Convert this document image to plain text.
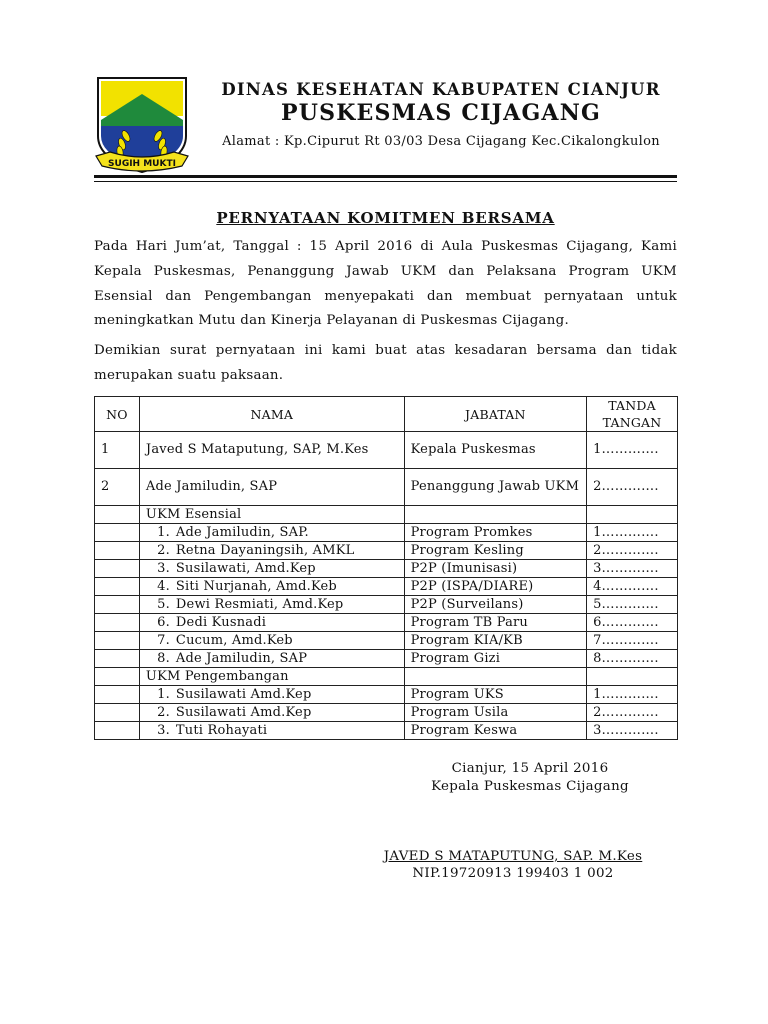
SUGIH MUKTI
DINAS KESEHATAN KABUPATEN CIANJUR
PUSKESMAS CIJAGANG
Alamat : Kp.Cipurut Rt 03/03 Desa Cijagang Kec.Cikalongkulon
PERNYATAAN KOMITMEN BERSAMA

Pada Hari Jum’at, Tanggal : 15 April 2016 di Aula Puskesmas Cijagang, Kami Kepala Puskesmas, Penanggung Jawab UKM dan Pelaksana Program UKM Esensial dan Pengembangan menyepakati dan membuat pernyataan untuk meningkatkan Mutu dan Kinerja Pelayanan di Puskesmas Cijagang.

Demikian surat pernyataan ini kami buat atas kesadaran bersama dan tidak merupakan suatu paksaan.

NO	NAMA	JABATAN	TANDA TANGAN
1	Javed S Mataputung, SAP, M.Kes	Kepala Puskesmas	1………….
2	Ade Jamiludin, SAP	Penanggung Jawab UKM	2………….
	UKM Esensial		
	1. Ade Jamiludin, SAP.	Program Promkes	1………….
	2. Retna Dayaningsih, AMKL	Program Kesling	2………….
	3. Susilawati, Amd.Kep	P2P (Imunisasi)	3………….
	4. Siti Nurjanah, Amd.Keb	P2P (ISPA/DIARE)	4………….
	5. Dewi Resmiati, Amd.Kep	P2P (Surveilans)	5………….
	6. Dedi Kusnadi	Program TB Paru	6………….
	7. Cucum, Amd.Keb	Program KIA/KB	7………….
	8. Ade Jamiludin, SAP	Program Gizi	8………….
	UKM Pengembangan		
	1. Susilawati Amd.Kep	Program UKS	1………….
	2. Susilawati Amd.Kep	Program Usila	2………….
	3. Tuti Rohayati	Program Keswa	3………….
Cianjur, 15 April 2016
Kepala Puskesmas Cijagang
JAVED S MATAPUTUNG, SAP. M.Kes
NIP.19720913 199403 1 002
